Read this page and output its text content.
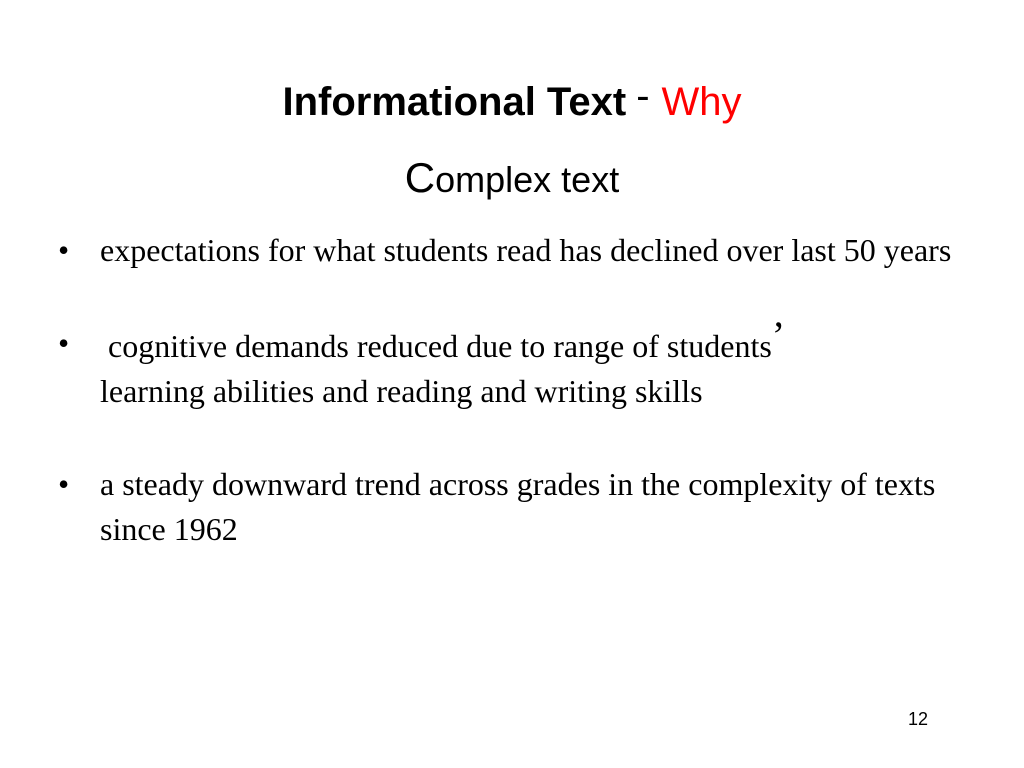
Informational Text - Why
Complex text
• expectations for what students read has declined over last 50 years
• cognitive demands reduced due to range of students’
learning abilities and reading and writing skills
• a steady downward trend across grades in the complexity of texts since 1962
12
